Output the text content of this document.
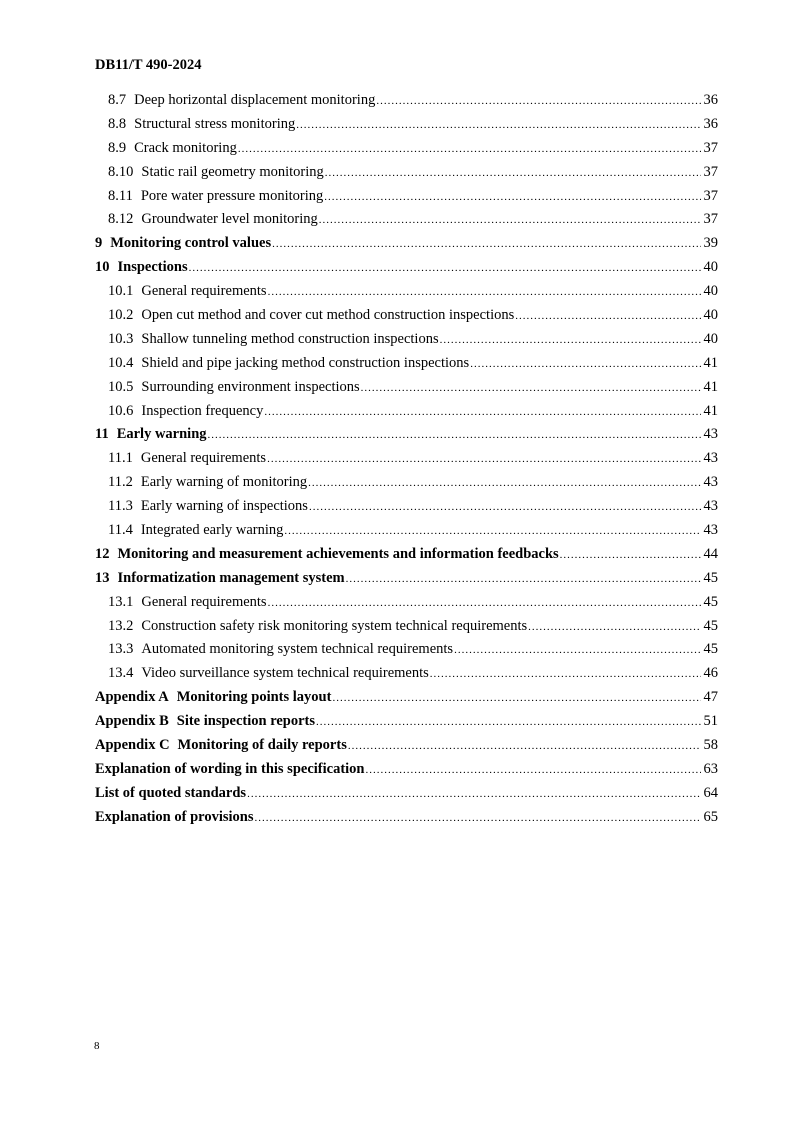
DB11/T 490-2024
8.7 Deep horizontal displacement monitoring .....	36
8.8 Structural stress monitoring .....	36
8.9 Crack monitoring .....	37
8.10 Static rail geometry monitoring .....	37
8.11 Pore water pressure monitoring .....	37
8.12 Groundwater level monitoring .....	37
9 Monitoring control values .....	39
10 Inspections .....	40
10.1 General requirements .....	40
10.2 Open cut method and cover cut method construction inspections .....	40
10.3 Shallow tunneling method construction inspections .....	40
10.4 Shield and pipe jacking method construction inspections .....	41
10.5 Surrounding environment inspections .....	41
10.6 Inspection frequency .....	41
11 Early warning .....	43
11.1 General requirements .....	43
11.2 Early warning of monitoring .....	43
11.3 Early warning of inspections .....	43
11.4 Integrated early warning .....	43
12 Monitoring and measurement achievements and information feedbacks .....	44
13 Informatization management system .....	45
13.1 General requirements .....	45
13.2 Construction safety risk monitoring system technical requirements .....	45
13.3 Automated monitoring system technical requirements .....	45
13.4 Video surveillance system technical requirements .....	46
Appendix A Monitoring points layout .....	47
Appendix B Site inspection reports .....	51
Appendix C Monitoring of daily reports .....	58
Explanation of wording in this specification .....	63
List of quoted standards .....	64
Explanation of provisions .....	65
8
